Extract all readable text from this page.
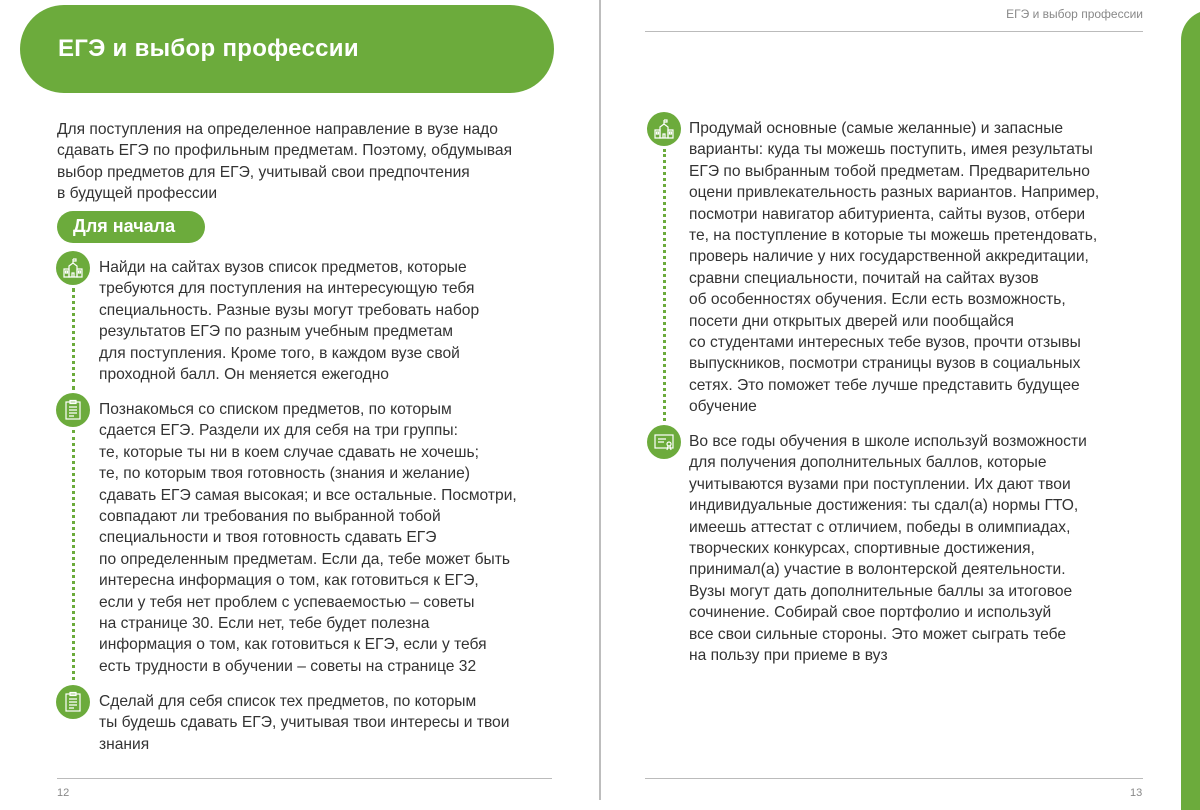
ЕГЭ и выбор профессии
Для поступления на определенное направление в вузе надо
сдавать ЕГЭ по профильным предметам. Поэтому, обдумывая
выбор предметов для ЕГЭ, учитывай свои предпочтения
в будущей профессии
Для начала
Найди на сайтах вузов список предметов, которые
требуются для поступления на интересующую тебя
специальность. Разные вузы могут требовать набор
результатов ЕГЭ по разным учебным предметам
для поступления. Кроме того, в каждом вузе свой
проходной балл. Он меняется ежегодно
Познакомься со списком предметов, по которым
сдается ЕГЭ. Раздели их для себя на три группы:
те, которые ты ни в коем случае сдавать не хочешь;
те, по которым твоя готовность (знания и желание)
сдавать ЕГЭ самая высокая; и все остальные. Посмотри,
совпадают ли требования по выбранной тобой
специальности и твоя готовность сдавать ЕГЭ
по определенным предметам. Если да, тебе может быть
интересна информация о том, как готовиться к ЕГЭ,
если у тебя нет проблем с успеваемостью – советы
на странице 30. Если нет, тебе будет полезна
информация о том, как готовиться к ЕГЭ, если у тебя
есть трудности в обучении – советы на странице 32
Сделай для себя список тех предметов, по которым
ты будешь сдавать ЕГЭ, учитывая твои интересы и твои
знания
12
ЕГЭ и выбор профессии
Продумай основные (самые желанные) и запасные
варианты: куда ты можешь поступить, имея результаты
ЕГЭ по выбранным тобой предметам. Предварительно
оцени привлекательность разных вариантов. Например,
посмотри навигатор абитуриента, сайты вузов, отбери
те, на поступление в которые ты можешь претендовать,
проверь наличие у них государственной аккредитации,
сравни специальности, почитай на сайтах вузов
об особенностях обучения. Если есть возможность,
посети дни открытых дверей или пообщайся
со студентами интересных тебе вузов, прочти отзывы
выпускников, посмотри страницы вузов в социальных
сетях. Это поможет тебе лучше представить будущее
обучение
Во все годы обучения в школе используй возможности
для получения дополнительных баллов, которые
учитываются вузами при поступлении. Их дают твои
индивидуальные достижения: ты сдал(а) нормы ГТО,
имеешь аттестат с отличием, победы в олимпиадах,
творческих конкурсах, спортивные достижения,
принимал(а) участие в волонтерской деятельности.
Вузы могут дать дополнительные баллы за итоговое
сочинение. Собирай свое портфолио и используй
все свои сильные стороны. Это может сыграть тебе
на пользу при приеме в вуз
13
